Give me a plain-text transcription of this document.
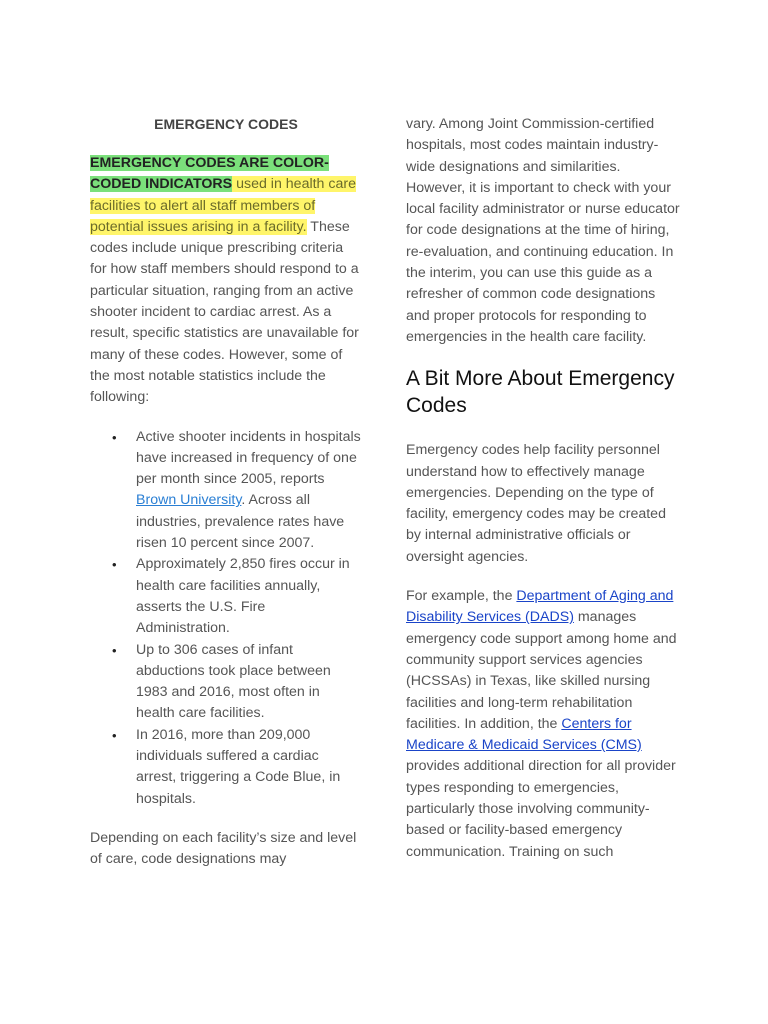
EMERGENCY CODES

EMERGENCY CODES ARE COLOR-CODED INDICATORS used in health care facilities to alert all staff members of potential issues arising in a facility. These codes include unique prescribing criteria for how staff members should respond to a particular situation, ranging from an active shooter incident to cardiac arrest. As a result, specific statistics are unavailable for many of these codes. However, some of the most notable statistics include the following:

• Active shooter incidents in hospitals have increased in frequency of one per month since 2005, reports Brown University. Across all industries, prevalence rates have risen 10 percent since 2007.
• Approximately 2,850 fires occur in health care facilities annually, asserts the U.S. Fire Administration.
• Up to 306 cases of infant abductions took place between 1983 and 2016, most often in health care facilities.
• In 2016, more than 209,000 individuals suffered a cardiac arrest, triggering a Code Blue, in hospitals.

Depending on each facility’s size and level of care, code designations may

vary. Among Joint Commission-certified hospitals, most codes maintain industry-wide designations and similarities. However, it is important to check with your local facility administrator or nurse educator for code designations at the time of hiring, re-evaluation, and continuing education. In the interim, you can use this guide as a refresher of common code designations and proper protocols for responding to emergencies in the health care facility.

A Bit More About Emergency Codes

Emergency codes help facility personnel understand how to effectively manage emergencies. Depending on the type of facility, emergency codes may be created by internal administrative officials or oversight agencies.

For example, the Department of Aging and Disability Services (DADS) manages emergency code support among home and community support services agencies (HCSSAs) in Texas, like skilled nursing facilities and long-term rehabilitation facilities. In addition, the Centers for Medicare & Medicaid Services (CMS) provides additional direction for all provider types responding to emergencies, particularly those involving community-based or facility-based emergency communication. Training on such
